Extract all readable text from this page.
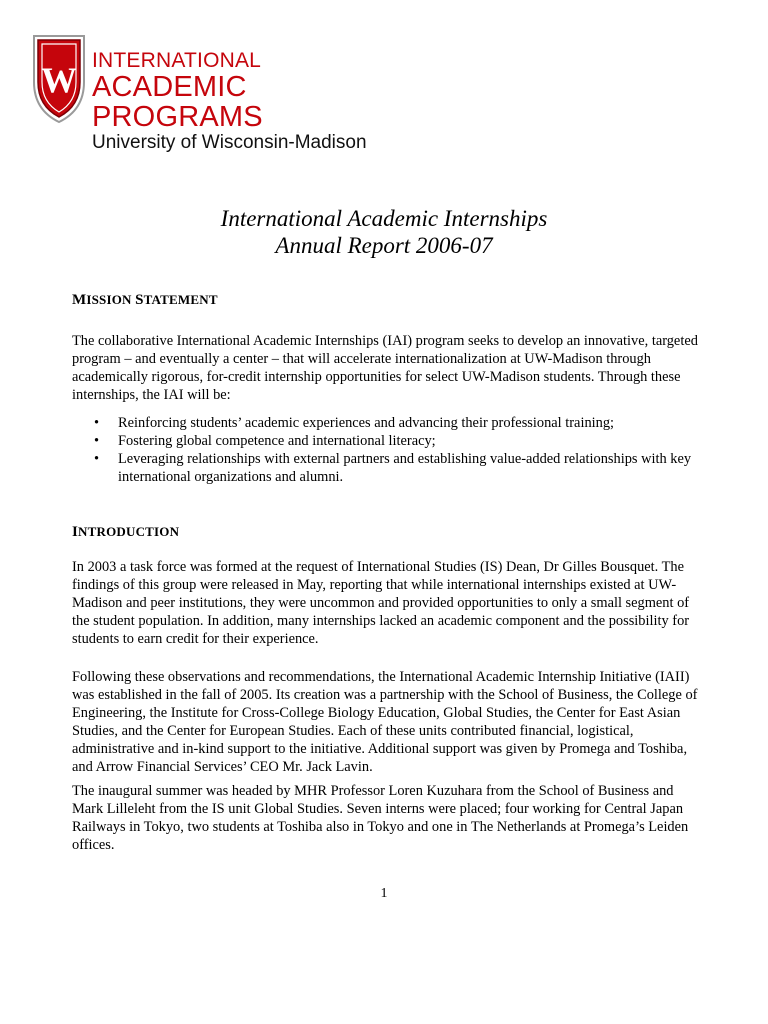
W INTERNATIONAL
ACADEMIC PROGRAMS
University of Wisconsin-Madison
International Academic Internships
Annual Report 2006-07
MISSION STATEMENT

The collaborative International Academic Internships (IAI) program seeks to develop an innovative, targeted program – and eventually a center – that will accelerate internationalization at UW-Madison through academically rigorous, for-credit internship opportunities for select UW-Madison students. Through these internships, the IAI will be:

• Reinforcing students’ academic experiences and advancing their professional training;
• Fostering global competence and international literacy;
• Leveraging relationships with external partners and establishing value-added relationships with key international organizations and alumni.
INTRODUCTION

In 2003 a task force was formed at the request of International Studies (IS) Dean, Dr Gilles Bousquet. The findings of this group were released in May, reporting that while international internships existed at UW-Madison and peer institutions, they were uncommon and provided opportunities to only a small segment of the student population. In addition, many internships lacked an academic component and the possibility for students to earn credit for their experience.

Following these observations and recommendations, the International Academic Internship Initiative (IAII) was established in the fall of 2005. Its creation was a partnership with the School of Business, the College of Engineering, the Institute for Cross-College Biology Education, Global Studies, the Center for East Asian Studies, and the Center for European Studies. Each of these units contributed financial, logistical, administrative and in-kind support to the initiative. Additional support was given by Promega and Toshiba, and Arrow Financial Services’ CEO Mr. Jack Lavin.

The inaugural summer was headed by MHR Professor Loren Kuzuhara from the School of Business and Mark Lilleleht from the IS unit Global Studies. Seven interns were placed; four working for Central Japan Railways in Tokyo, two students at Toshiba also in Tokyo and one in The Netherlands at Promega’s Leiden offices.

1
